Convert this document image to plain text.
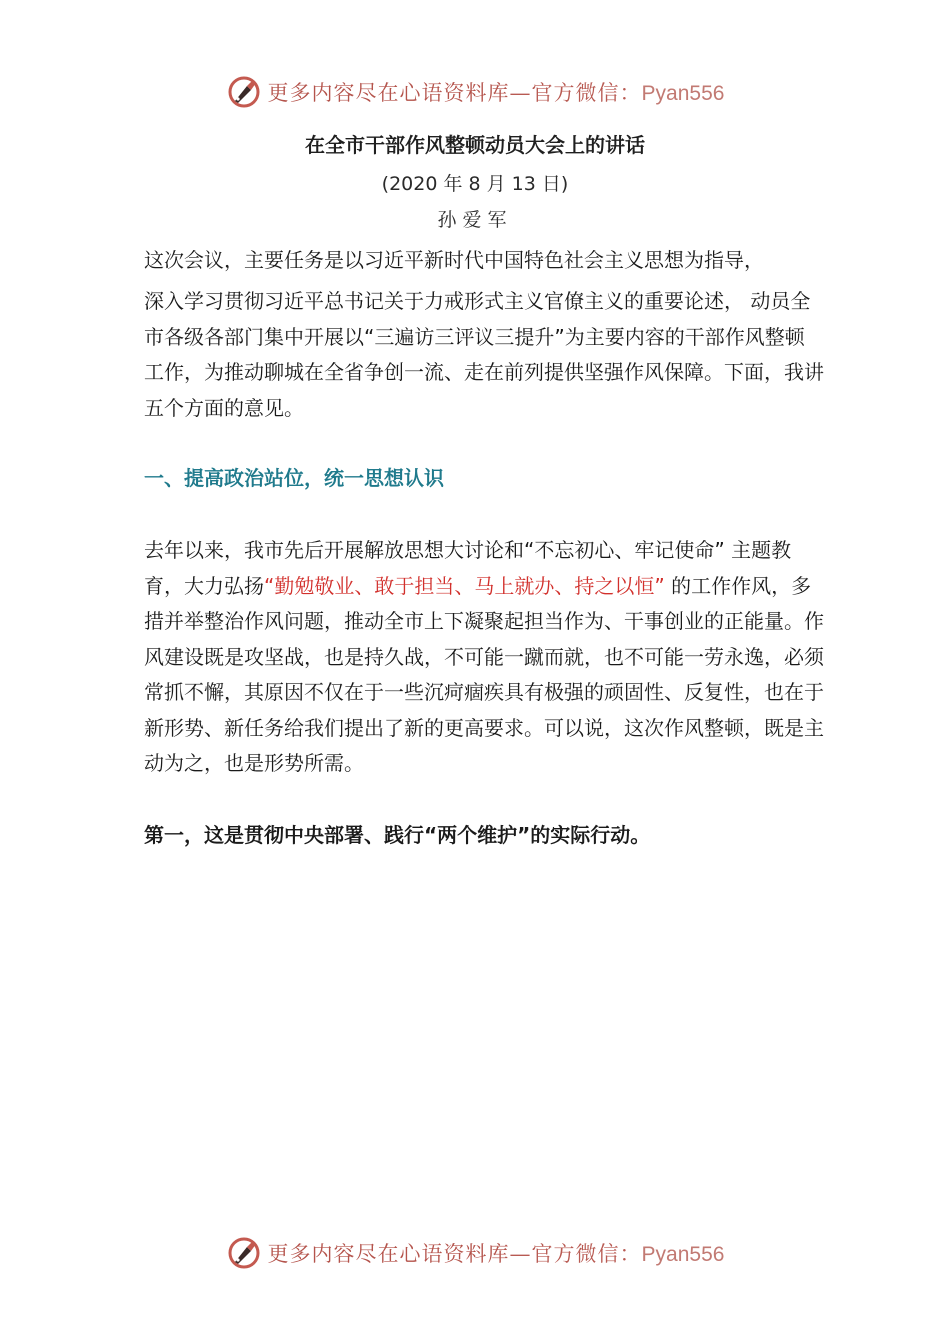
更多内容尽在心语资料库—官方微信：Pyan556
在全市干部作风整顿动员大会上的讲话
(2020 年 8 月 13 日)
孙爱军

这次会议，主要任务是以习近平新时代中国特色社会主义思想为指导，

深入学习贯彻习近平总书记关于力戒形式主义官僚主义的重要论述， 动员全市各级各部门集中开展以“三遍访三评议三提升”为主要内容的干部作风整顿工作，为推动聊城在全省争创一流、走在前列提供坚强作风保障。下面，我讲五个方面的意见。

一、提高政治站位，统一思想认识

去年以来，我市先后开展解放思想大讨论和“不忘初心、牢记使命” 主题教育，大力弘扬“勤勉敬业、敢于担当、马上就办、持之以恒” 的工作作风，多措并举整治作风问题，推动全市上下凝聚起担当作为、干事创业的正能量。作风建设既是攻坚战，也是持久战，不可能一蹴而就，也不可能一劳永逸，必须常抓不懈，其原因不仅在于一些沉疴痼疾具有极强的顽固性、反复性，也在于新形势、新任务给我们提出了新的更高要求。可以说，这次作风整顿，既是主动为之，也是形势所需。

第一，这是贯彻中央部署、践行“两个维护”的实际行动。
更多内容尽在心语资料库—官方微信：Pyan556
